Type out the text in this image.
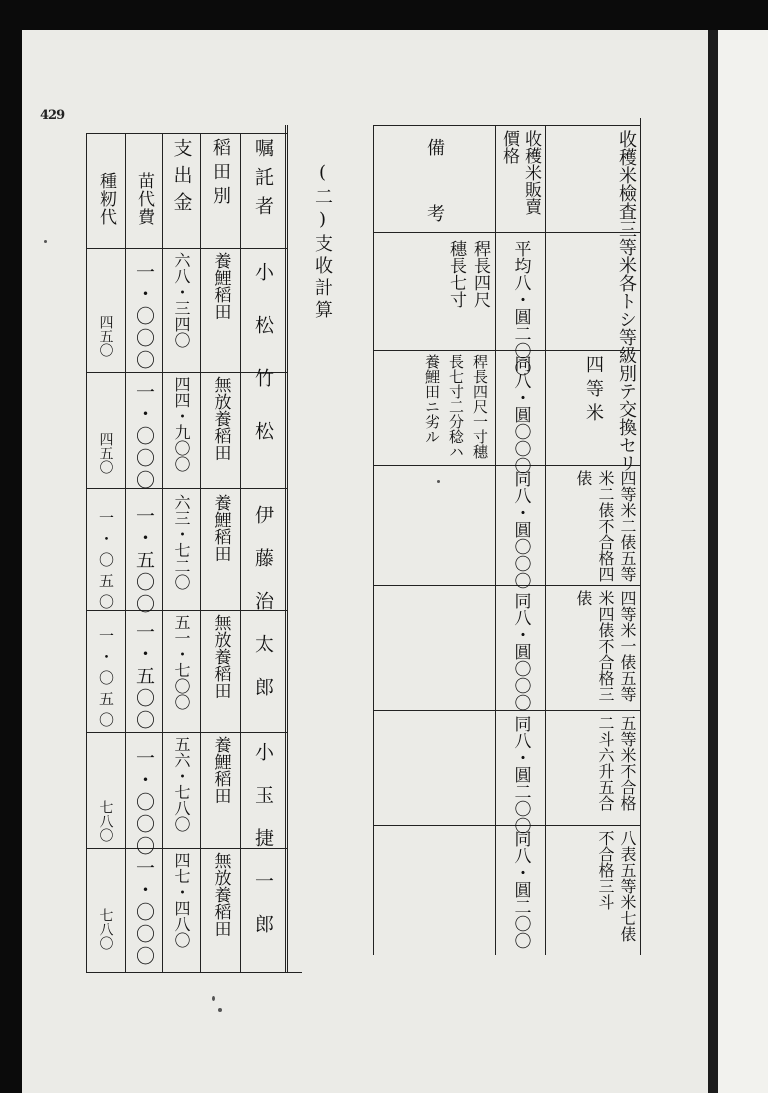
429
(二)支收計算
嘱託者
稻田別
支出金
苗代費
種籾代
小松竹松
伊藤治太郎
小玉捷一郎
養鯉稻田
六八・三四〇
一・〇〇〇
四五〇
無放養稻田
四四・九〇〇
一・〇〇〇
四五〇
養鯉稻田
六三・七二〇
一・五〇〇
一・〇五〇
無放養稻田
五一・七〇〇
一・五〇〇
一・〇五〇
養鯉稻田
五六・七八〇
一・〇〇〇
七八〇
無放養稻田
四七・四八〇
一・〇〇〇
七八〇
收穫米檢査三等米各トシ等級別テ交換セリ
收穫米販賣價格
備考
四等米
四等米二俵五等米二俵不合格四俵
四等米一俵五等米四俵不合格三俵
五等米不合格二斗六升五合
八表五等米七俵不合格三斗
平均八・圓二〇〇
同八・圓〇〇〇
同八・圓〇〇〇
同八・圓〇〇〇
同八・圓二〇〇
同八・圓二〇〇
稈長四尺穗長七寸
稈長四尺一寸穗長七寸二分稔ハ養鯉田ニ劣ル
